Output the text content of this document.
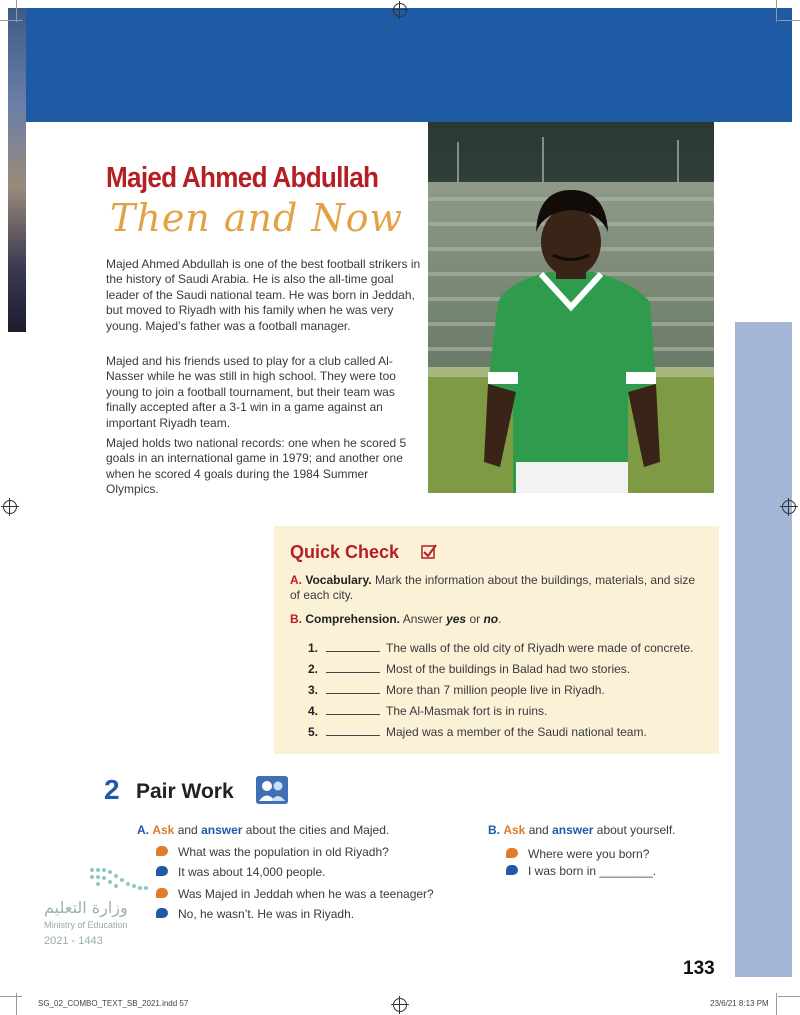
Majed Ahmed Abdullah
Then and Now

Majed Ahmed Abdullah is one of the best football strikers in the history of Saudi Arabia. He is also the all-time goal leader of the Saudi national team. He was born in Jeddah, but moved to Riyadh with his family when he was very young. Majed’s father was a football manager.

Majed and his friends used to play for a club called Al-Nasser while he was still in high school. They were too young to join a football tournament, but their team was finally accepted after a 3-1 win in a game against an important Riyadh team.

Majed holds two national records: one when he scored 5 goals in an international game in 1979; and another one when he scored 4 goals during the 1984 Summer Olympics.

Quick Check
A. Vocabulary. Mark the information about the buildings, materials, and size of each city.
B. Comprehension. Answer yes or no.
1.	The walls of the old city of Riyadh were made of concrete.
2.	Most of the buildings in Balad had two stories.
3.	More than 7 million people live in Riyadh.
4.	The Al-Masmak fort is in ruins.
5.	Majed was a member of the Saudi national team.
2 Pair Work
A. Ask and answer about the cities and Majed.
What was the population in old Riyadh?
It was about 14,000 people.
Was Majed in Jeddah when he was a teenager?
No, he wasn’t. He was in Riyadh.
B. Ask and answer about yourself.
Where were you born?
I was born in ________.
وزارة التعليم
Ministry of Education
2021 - 1443
133
SG_02_COMBO_TEXT_SB_2021.indd 57	23/6/21 8:13 PM
